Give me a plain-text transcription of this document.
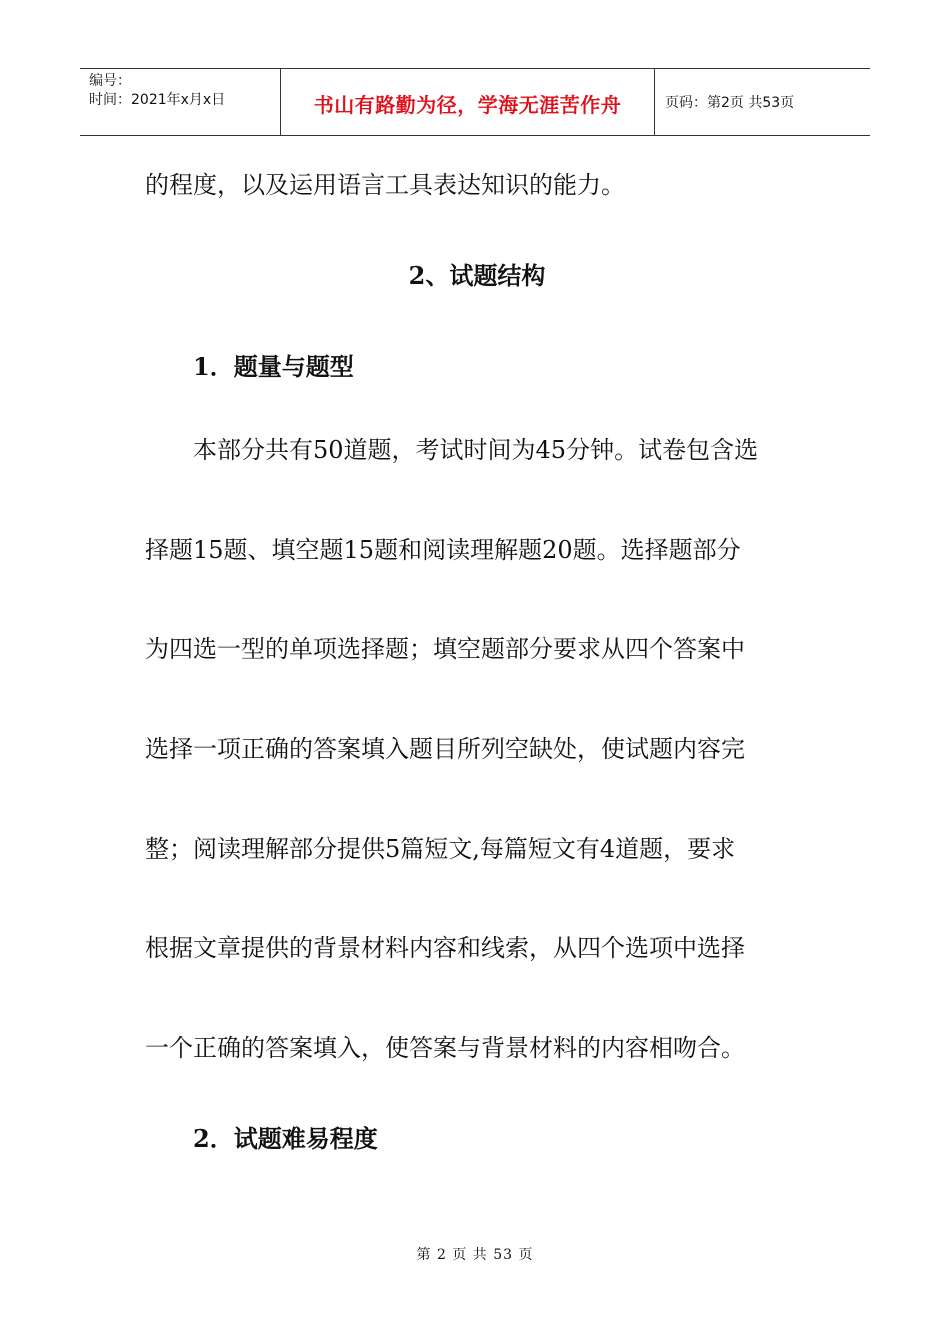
编号：
时间：2021年x月x日	书山有路勤为径，学海无涯苦作舟	页码：第2页 共53页
的程度，以及运用语言工具表达知识的能力。
2、试题结构
1．题量与题型
　　本部分共有50道题，考试时间为45分钟。试卷包含选
择题15题、填空题15题和阅读理解题20题。选择题部分
为四选一型的单项选择题；填空题部分要求从四个答案中
选择一项正确的答案填入题目所列空缺处，使试题内容完
整；阅读理解部分提供5篇短文,每篇短文有4道题，要求
根据文章提供的背景材料内容和线索，从四个选项中选择
一个正确的答案填入，使答案与背景材料的内容相吻合。
2．试题难易程度
第 2 页 共 53 页
